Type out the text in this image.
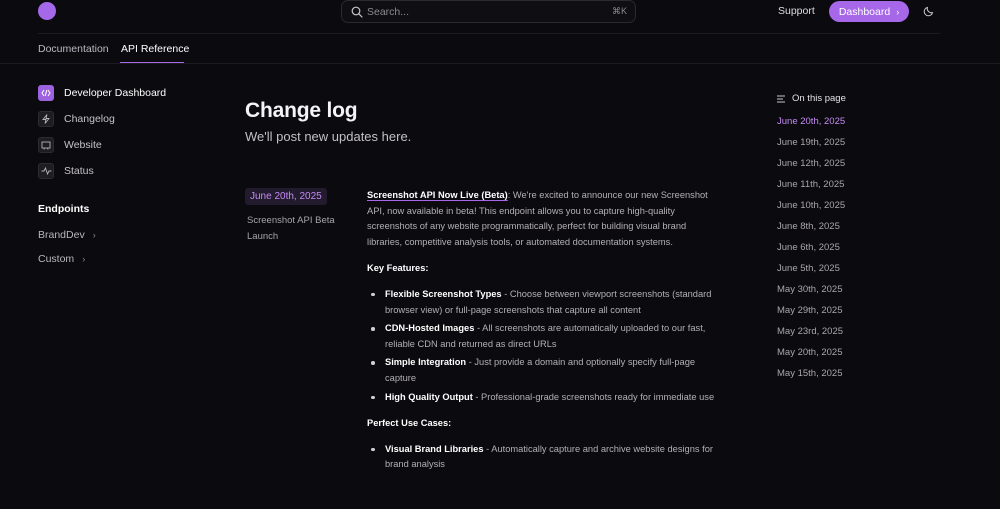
Search...
⌘K	Support Dashboard ›
Documentation API Reference
Developer Dashboard
Changelog
Website
Status
Endpoints
BrandDev ›
Custom ›
Change log
We'll post new updates here.
June 20th, 2025
Screenshot API Beta Launch

Screenshot API Now Live (Beta): We're excited to announce our new Screenshot API, now available in beta! This endpoint allows you to capture high-quality screenshots of any website programmatically, perfect for building visual brand libraries, competitive analysis tools, or automated documentation systems.

Key Features:

Flexible Screenshot Types - Choose between viewport screenshots (standard browser view) or full-page screenshots that capture all content
CDN-Hosted Images - All screenshots are automatically uploaded to our fast, reliable CDN and returned as direct URLs
Simple Integration - Just provide a domain and optionally specify full-page capture
High Quality Output - Professional-grade screenshots ready for immediate use

Perfect Use Cases:

Visual Brand Libraries - Automatically capture and archive website designs for brand analysis
On this page
June 20th, 2025
June 19th, 2025
June 12th, 2025
June 11th, 2025
June 10th, 2025
June 8th, 2025
June 6th, 2025
June 5th, 2025
May 30th, 2025
May 29th, 2025
May 23rd, 2025
May 20th, 2025
May 15th, 2025
